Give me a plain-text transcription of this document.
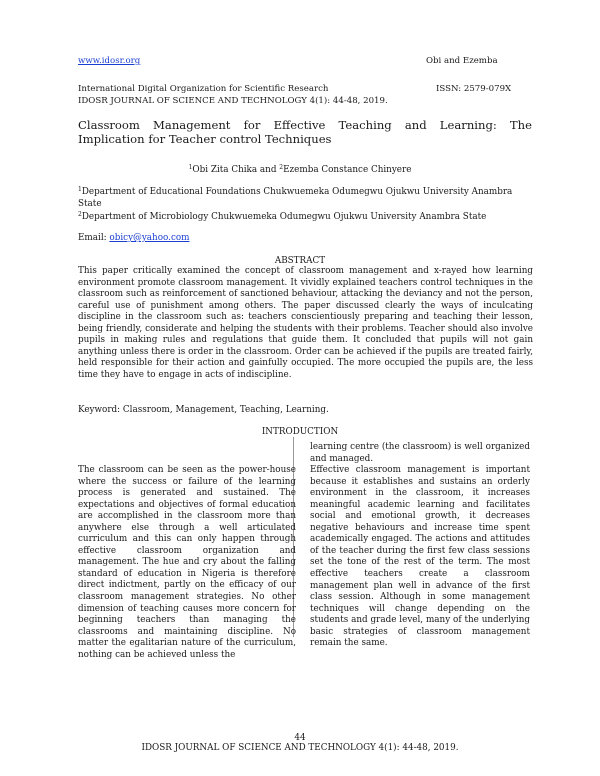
www.idosr.org	Obi and Ezemba
International Digital Organization for Scientific Research	ISSN: 2579-079X
IDOSR JOURNAL OF SCIENCE AND TECHNOLOGY 4(1): 44-48, 2019.
Classroom Management for Effective Teaching and Learning: The Implication for Teacher control Techniques
$^1$Obi Zita Chika and $^2$Ezemba Constance Chinyere
$^1$Department of Educational Foundations Chukwuemeka Odumegwu Ojukwu University Anambra State
$^2$Department of Microbiology Chukwuemeka Odumegwu Ojukwu University Anambra State
Email: obicy@yahoo.com
ABSTRACT
This paper critically examined the concept of classroom management and x-rayed how learning environment promote classroom management. It vividly explained teachers control techniques in the classroom such as reinforcement of sanctioned behaviour, attacking the deviancy and not the person, careful use of punishment among others. The paper discussed clearly the ways of inculcating discipline in the classroom such as: teachers conscientiously preparing and teaching their lesson, being friendly, considerate and helping the students with their problems. Teacher should also involve pupils in making rules and regulations that guide them. It concluded that pupils will not gain anything unless there is order in the classroom. Order can be achieved if the pupils are treated fairly, held responsible for their action and gainfully occupied. The more occupied the pupils are, the less time they have to engage in acts of indiscipline.
Keyword: Classroom, Management, Teaching, Learning.
INTRODUCTION

The classroom can be seen as the power-house where the success or failure of the learning process is generated and sustained. The expectations and objectives of formal education are accomplished in the classroom more than anywhere else through a well articulated curriculum and this can only happen through effective classroom organization and management. The hue and cry about the falling standard of education in Nigeria is therefore direct indictment, partly on the efficacy of our classroom management strategies. No other dimension of teaching causes more concern for beginning teachers than managing the classrooms and maintaining discipline. No matter the egalitarian nature of the curriculum, nothing can be achieved unless the

learning centre (the classroom) is well organized and managed.

Effective classroom management is important because it establishes and sustains an orderly environment in the classroom, it increases meaningful academic learning and facilitates social and emotional growth, it decreases negative behaviours and increase time spent academically engaged. The actions and attitudes of the teacher during the first few class sessions set the tone of the rest of the term. The most effective teachers create a classroom management plan well in advance of the first class session. Although in some management techniques will change depending on the students and grade level, many of the underlying basic strategies of classroom management remain the same.

44
IDOSR JOURNAL OF SCIENCE AND TECHNOLOGY 4(1): 44-48, 2019.
